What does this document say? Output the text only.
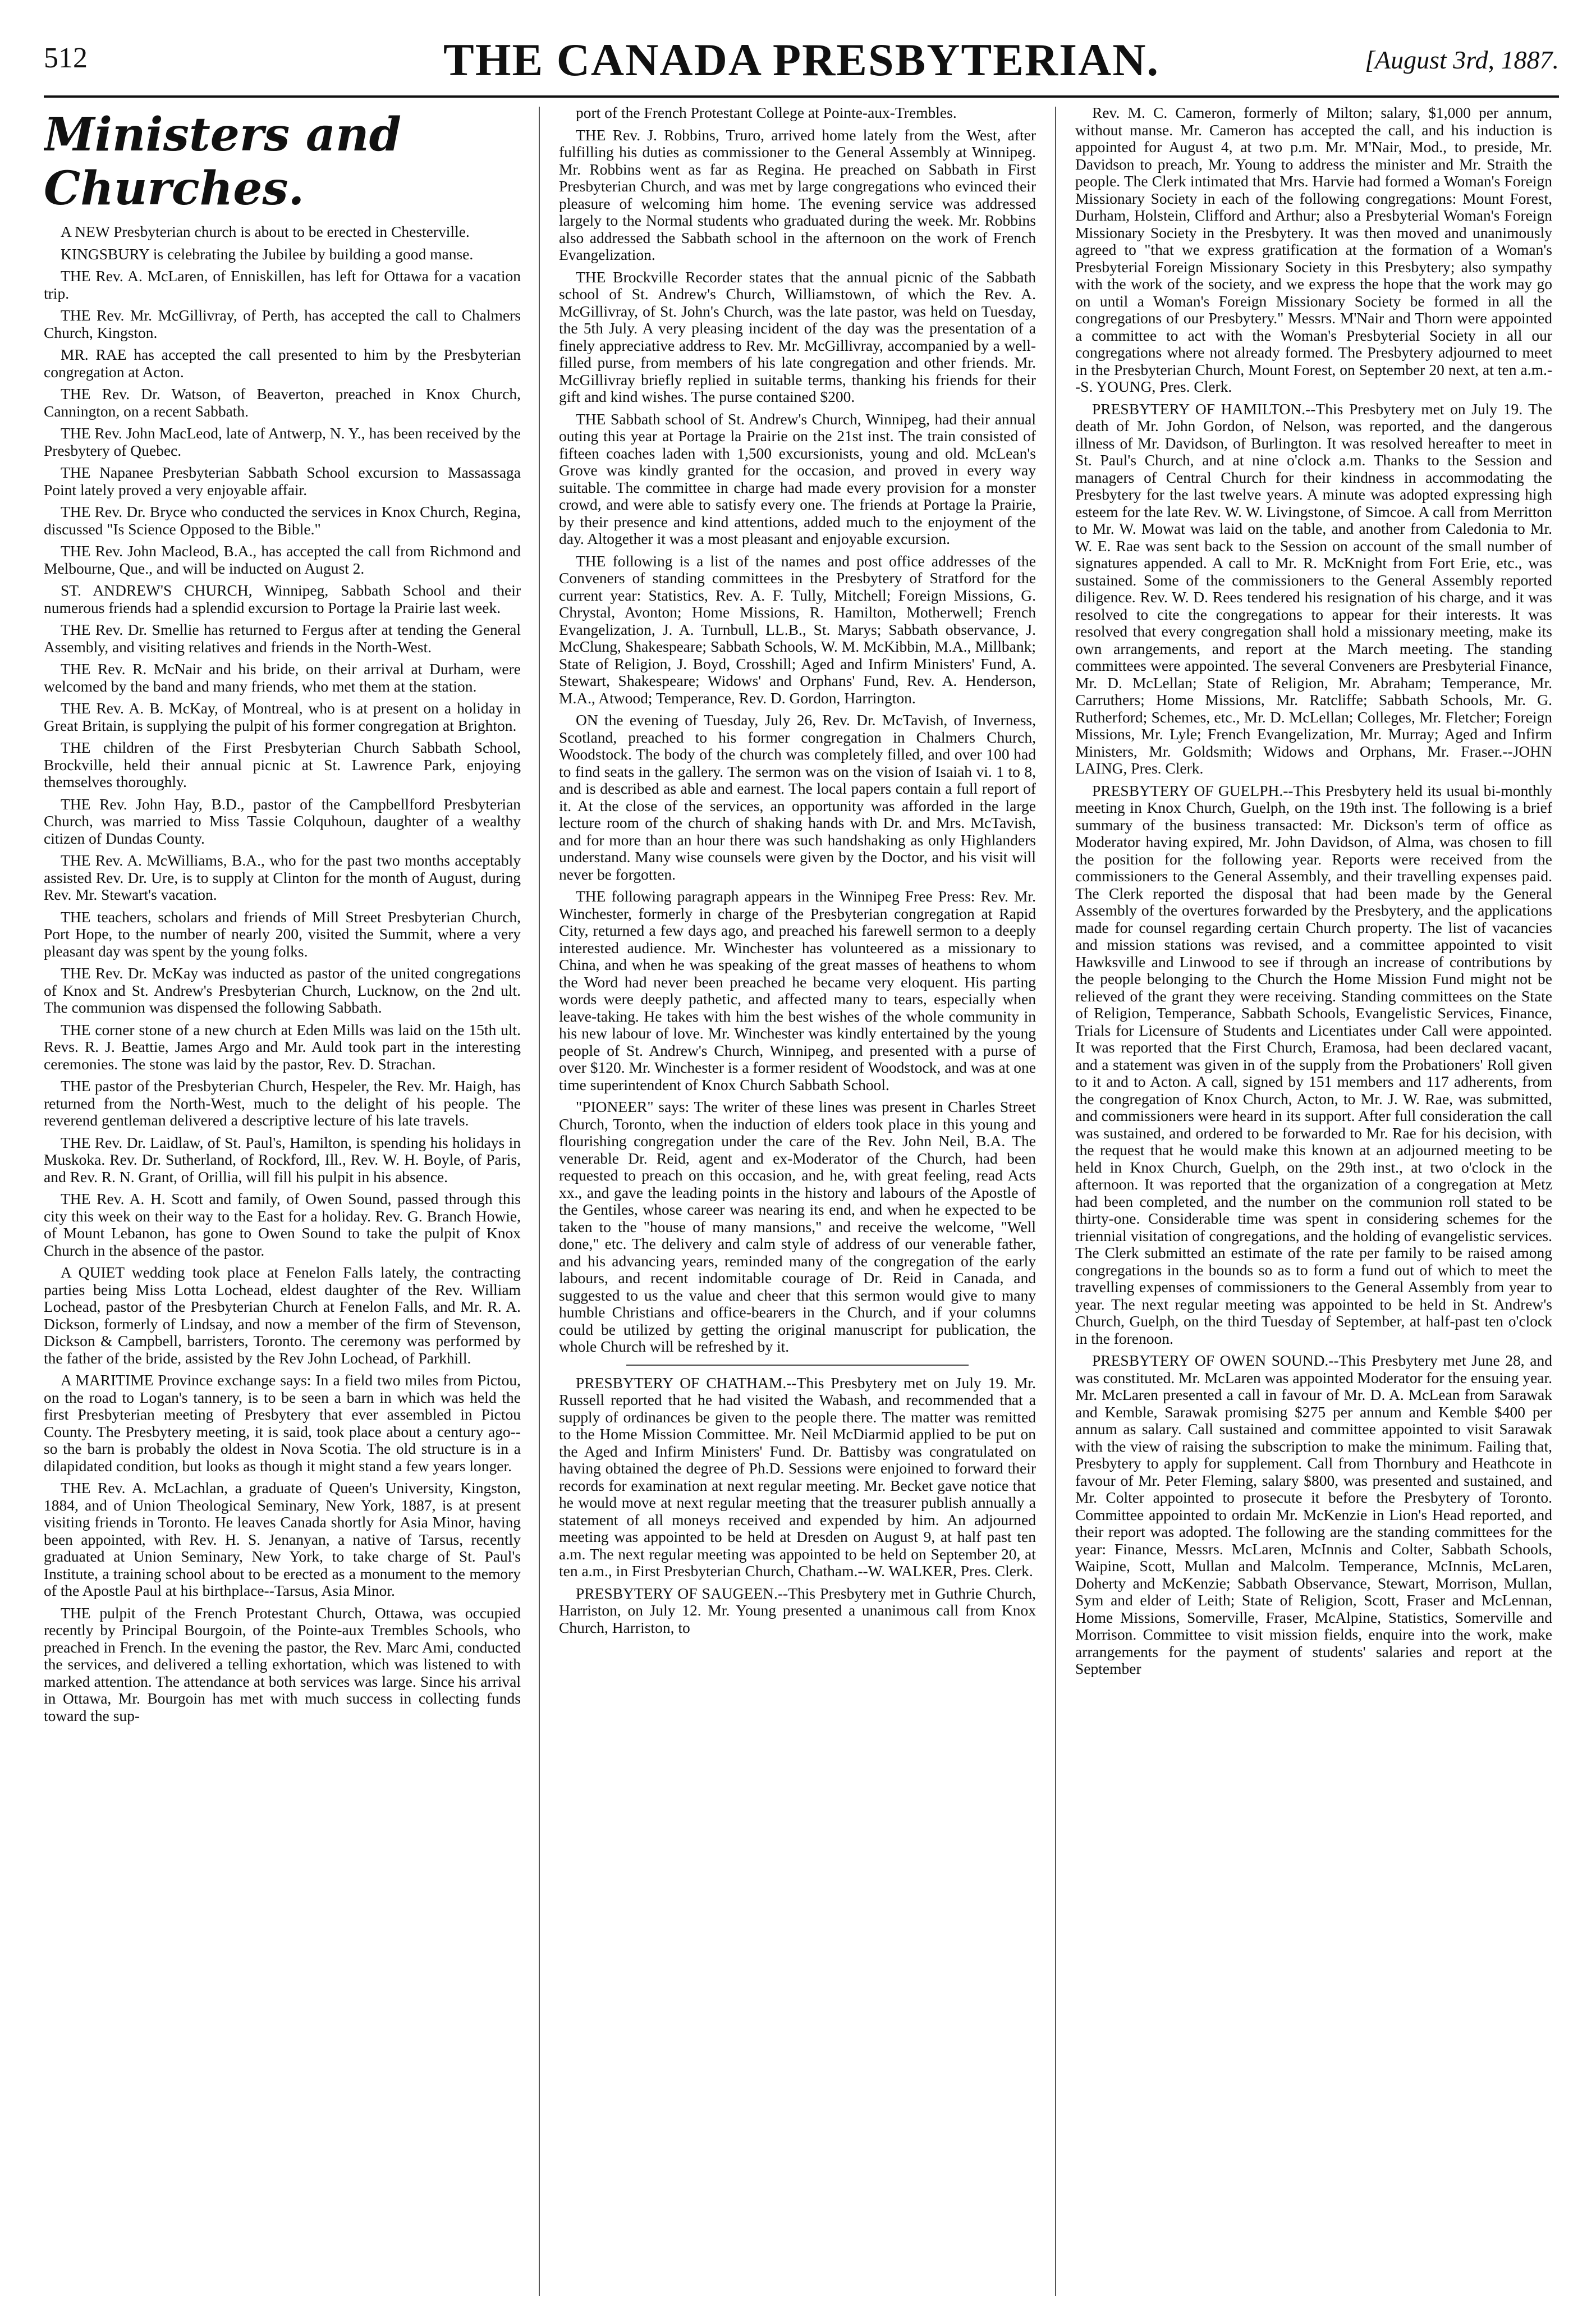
512	THE CANADA PRESBYTERIAN.	[August 3rd, 1887.
Ministers and Churches.

A NEW Presbyterian church is about to be erected in Chesterville.

KINGSBURY is celebrating the Jubilee by building a good manse.

THE Rev. A. McLaren, of Enniskillen, has left for Ottawa for a vacation trip.

THE Rev. Mr. McGillivray, of Perth, has accepted the call to Chalmers Church, Kingston.

MR. RAE has accepted the call presented to him by the Presbyterian congregation at Acton.

THE Rev. Dr. Watson, of Beaverton, preached in Knox Church, Cannington, on a recent Sabbath.

THE Rev. John MacLeod, late of Antwerp, N. Y., has been received by the Presbytery of Quebec.

THE Napanee Presbyterian Sabbath School excursion to Massassaga Point lately proved a very enjoyable affair.

THE Rev. Dr. Bryce who conducted the services in Knox Church, Regina, discussed "Is Science Opposed to the Bible."

THE Rev. John Macleod, B.A., has accepted the call from Richmond and Melbourne, Que., and will be inducted on August 2.

ST. ANDREW'S CHURCH, Winnipeg, Sabbath School and their numerous friends had a splendid excursion to Portage la Prairie last week.

THE Rev. Dr. Smellie has returned to Fergus after at tending the General Assembly, and visiting relatives and friends in the North-West.

THE Rev. R. McNair and his bride, on their arrival at Durham, were welcomed by the band and many friends, who met them at the station.

THE Rev. A. B. McKay, of Montreal, who is at present on a holiday in Great Britain, is supplying the pulpit of his former congregation at Brighton.

THE children of the First Presbyterian Church Sabbath School, Brockville, held their annual picnic at St. Lawrence Park, enjoying themselves thoroughly.

THE Rev. John Hay, B.D., pastor of the Campbellford Presbyterian Church, was married to Miss Tassie Colquhoun, daughter of a wealthy citizen of Dundas County.

THE Rev. A. McWilliams, B.A., who for the past two months acceptably assisted Rev. Dr. Ure, is to supply at Clinton for the month of August, during Rev. Mr. Stewart's vacation.

THE teachers, scholars and friends of Mill Street Presbyterian Church, Port Hope, to the number of nearly 200, visited the Summit, where a very pleasant day was spent by the young folks.

THE Rev. Dr. McKay was inducted as pastor of the united congregations of Knox and St. Andrew's Presbyterian Church, Lucknow, on the 2nd ult. The communion was dispensed the following Sabbath.

THE corner stone of a new church at Eden Mills was laid on the 15th ult. Revs. R. J. Beattie, James Argo and Mr. Auld took part in the interesting ceremonies. The stone was laid by the pastor, Rev. D. Strachan.

THE pastor of the Presbyterian Church, Hespeler, the Rev. Mr. Haigh, has returned from the North-West, much to the delight of his people. The reverend gentleman delivered a descriptive lecture of his late travels.

THE Rev. Dr. Laidlaw, of St. Paul's, Hamilton, is spending his holidays in Muskoka. Rev. Dr. Sutherland, of Rockford, Ill., Rev. W. H. Boyle, of Paris, and Rev. R. N. Grant, of Orillia, will fill his pulpit in his absence.

THE Rev. A. H. Scott and family, of Owen Sound, passed through this city this week on their way to the East for a holiday. Rev. G. Branch Howie, of Mount Lebanon, has gone to Owen Sound to take the pulpit of Knox Church in the absence of the pastor.

A QUIET wedding took place at Fenelon Falls lately, the contracting parties being Miss Lotta Lochead, eldest daughter of the Rev. William Lochead, pastor of the Presbyterian Church at Fenelon Falls, and Mr. R. A. Dickson, formerly of Lindsay, and now a member of the firm of Stevenson, Dickson & Campbell, barristers, Toronto. The ceremony was performed by the father of the bride, assisted by the Rev John Lochead, of Parkhill.

A MARITIME Province exchange says: In a field two miles from Pictou, on the road to Logan's tannery, is to be seen a barn in which was held the first Presbyterian meeting of Presbytery that ever assembled in Pictou County. The Presbytery meeting, it is said, took place about a century ago--so the barn is probably the oldest in Nova Scotia. The old structure is in a dilapidated condition, but looks as though it might stand a few years longer.

THE Rev. A. McLachlan, a graduate of Queen's University, Kingston, 1884, and of Union Theological Seminary, New York, 1887, is at present visiting friends in Toronto. He leaves Canada shortly for Asia Minor, having been appointed, with Rev. H. S. Jenanyan, a native of Tarsus, recently graduated at Union Seminary, New York, to take charge of St. Paul's Institute, a training school about to be erected as a monument to the memory of the Apostle Paul at his birthplace--Tarsus, Asia Minor.

THE pulpit of the French Protestant Church, Ottawa, was occupied recently by Principal Bourgoin, of the Pointe-aux Trembles Schools, who preached in French. In the evening the pastor, the Rev. Marc Ami, conducted the services, and delivered a telling exhortation, which was listened to with marked attention. The attendance at both services was large. Since his arrival in Ottawa, Mr. Bourgoin has met with much success in collecting funds toward the sup-

port of the French Protestant College at Pointe-aux-Trembles.

THE Rev. J. Robbins, Truro, arrived home lately from the West, after fulfilling his duties as commissioner to the General Assembly at Winnipeg. Mr. Robbins went as far as Regina. He preached on Sabbath in First Presbyterian Church, and was met by large congregations who evinced their pleasure of welcoming him home. The evening service was addressed largely to the Normal students who graduated during the week. Mr. Robbins also addressed the Sabbath school in the afternoon on the work of French Evangelization.

THE Brockville Recorder states that the annual picnic of the Sabbath school of St. Andrew's Church, Williamstown, of which the Rev. A. McGillivray, of St. John's Church, was the late pastor, was held on Tuesday, the 5th July. A very pleasing incident of the day was the presentation of a finely appreciative address to Rev. Mr. McGillivray, accompanied by a well-filled purse, from members of his late congregation and other friends. Mr. McGillivray briefly replied in suitable terms, thanking his friends for their gift and kind wishes. The purse contained $200.

THE Sabbath school of St. Andrew's Church, Winnipeg, had their annual outing this year at Portage la Prairie on the 21st inst. The train consisted of fifteen coaches laden with 1,500 excursionists, young and old. McLean's Grove was kindly granted for the occasion, and proved in every way suitable. The committee in charge had made every provision for a monster crowd, and were able to satisfy every one. The friends at Portage la Prairie, by their presence and kind attentions, added much to the enjoyment of the day. Altogether it was a most pleasant and enjoyable excursion.

THE following is a list of the names and post office addresses of the Conveners of standing committees in the Presbytery of Stratford for the current year: Statistics, Rev. A. F. Tully, Mitchell; Foreign Missions, G. Chrystal, Avonton; Home Missions, R. Hamilton, Motherwell; French Evangelization, J. A. Turnbull, LL.B., St. Marys; Sabbath observance, J. McClung, Shakespeare; Sabbath Schools, W. M. McKibbin, M.A., Millbank; State of Religion, J. Boyd, Crosshill; Aged and Infirm Ministers' Fund, A. Stewart, Shakespeare; Widows' and Orphans' Fund, Rev. A. Henderson, M.A., Atwood; Temperance, Rev. D. Gordon, Harrington.

ON the evening of Tuesday, July 26, Rev. Dr. McTavish, of Inverness, Scotland, preached to his former congregation in Chalmers Church, Woodstock. The body of the church was completely filled, and over 100 had to find seats in the gallery. The sermon was on the vision of Isaiah vi. 1 to 8, and is described as able and earnest. The local papers contain a full report of it. At the close of the services, an opportunity was afforded in the large lecture room of the church of shaking hands with Dr. and Mrs. McTavish, and for more than an hour there was such handshaking as only Highlanders understand. Many wise counsels were given by the Doctor, and his visit will never be forgotten.

THE following paragraph appears in the Winnipeg Free Press: Rev. Mr. Winchester, formerly in charge of the Presbyterian congregation at Rapid City, returned a few days ago, and preached his farewell sermon to a deeply interested audience. Mr. Winchester has volunteered as a missionary to China, and when he was speaking of the great masses of heathens to whom the Word had never been preached he became very eloquent. His parting words were deeply pathetic, and affected many to tears, especially when leave-taking. He takes with him the best wishes of the whole community in his new labour of love. Mr. Winchester was kindly entertained by the young people of St. Andrew's Church, Winnipeg, and presented with a purse of over $120. Mr. Winchester is a former resident of Woodstock, and was at one time superintendent of Knox Church Sabbath School.

"PIONEER" says: The writer of these lines was present in Charles Street Church, Toronto, when the induction of elders took place in this young and flourishing congregation under the care of the Rev. John Neil, B.A. The venerable Dr. Reid, agent and ex-Moderator of the Church, had been requested to preach on this occasion, and he, with great feeling, read Acts xx., and gave the leading points in the history and labours of the Apostle of the Gentiles, whose career was nearing its end, and when he expected to be taken to the "house of many mansions," and receive the welcome, "Well done," etc. The delivery and calm style of address of our venerable father, and his advancing years, reminded many of the congregation of the early labours, and recent indomitable courage of Dr. Reid in Canada, and suggested to us the value and cheer that this sermon would give to many humble Christians and office-bearers in the Church, and if your columns could be utilized by getting the original manuscript for publication, the whole Church will be refreshed by it.

PRESBYTERY OF CHATHAM.--This Presbytery met on July 19. Mr. Russell reported that he had visited the Wabash, and recommended that a supply of ordinances be given to the people there. The matter was remitted to the Home Mission Committee. Mr. Neil McDiarmid applied to be put on the Aged and Infirm Ministers' Fund. Dr. Battisby was congratulated on having obtained the degree of Ph.D. Sessions were enjoined to forward their records for examination at next regular meeting. Mr. Becket gave notice that he would move at next regular meeting that the treasurer publish annually a statement of all moneys received and expended by him. An adjourned meeting was appointed to be held at Dresden on August 9, at half past ten a.m. The next regular meeting was appointed to be held on September 20, at ten a.m., in First Presbyterian Church, Chatham.--W. WALKER, Pres. Clerk.

PRESBYTERY OF SAUGEEN.--This Presbytery met in Guthrie Church, Harriston, on July 12. Mr. Young presented a unanimous call from Knox Church, Harriston, to

Rev. M. C. Cameron, formerly of Milton; salary, $1,000 per annum, without manse. Mr. Cameron has accepted the call, and his induction is appointed for August 4, at two p.m. Mr. M'Nair, Mod., to preside, Mr. Davidson to preach, Mr. Young to address the minister and Mr. Straith the people. The Clerk intimated that Mrs. Harvie had formed a Woman's Foreign Missionary Society in each of the following congregations: Mount Forest, Durham, Holstein, Clifford and Arthur; also a Presbyterial Woman's Foreign Missionary Society in the Presbytery. It was then moved and unanimously agreed to "that we express gratification at the formation of a Woman's Presbyterial Foreign Missionary Society in this Presbytery; also sympathy with the work of the society, and we express the hope that the work may go on until a Woman's Foreign Missionary Society be formed in all the congregations of our Presbytery." Messrs. M'Nair and Thorn were appointed a committee to act with the Woman's Presbyterial Society in all our congregations where not already formed. The Presbytery adjourned to meet in the Presbyterian Church, Mount Forest, on September 20 next, at ten a.m.--S. YOUNG, Pres. Clerk.

PRESBYTERY OF HAMILTON.--This Presbytery met on July 19. The death of Mr. John Gordon, of Nelson, was reported, and the dangerous illness of Mr. Davidson, of Burlington. It was resolved hereafter to meet in St. Paul's Church, and at nine o'clock a.m. Thanks to the Session and managers of Central Church for their kindness in accommodating the Presbytery for the last twelve years. A minute was adopted expressing high esteem for the late Rev. W. W. Livingstone, of Simcoe. A call from Merritton to Mr. W. Mowat was laid on the table, and another from Caledonia to Mr. W. E. Rae was sent back to the Session on account of the small number of signatures appended. A call to Mr. R. McKnight from Fort Erie, etc., was sustained. Some of the commissioners to the General Assembly reported diligence. Rev. W. D. Rees tendered his resignation of his charge, and it was resolved to cite the congregations to appear for their interests. It was resolved that every congregation shall hold a missionary meeting, make its own arrangements, and report at the March meeting. The standing committees were appointed. The several Conveners are Presbyterial Finance, Mr. D. McLellan; State of Religion, Mr. Abraham; Temperance, Mr. Carruthers; Home Missions, Mr. Ratcliffe; Sabbath Schools, Mr. G. Rutherford; Schemes, etc., Mr. D. McLellan; Colleges, Mr. Fletcher; Foreign Missions, Mr. Lyle; French Evangelization, Mr. Murray; Aged and Infirm Ministers, Mr. Goldsmith; Widows and Orphans, Mr. Fraser.--JOHN LAING, Pres. Clerk.

PRESBYTERY OF GUELPH.--This Presbytery held its usual bi-monthly meeting in Knox Church, Guelph, on the 19th inst. The following is a brief summary of the business transacted: Mr. Dickson's term of office as Moderator having expired, Mr. John Davidson, of Alma, was chosen to fill the position for the following year. Reports were received from the commissioners to the General Assembly, and their travelling expenses paid. The Clerk reported the disposal that had been made by the General Assembly of the overtures forwarded by the Presbytery, and the applications made for counsel regarding certain Church property. The list of vacancies and mission stations was revised, and a committee appointed to visit Hawksville and Linwood to see if through an increase of contributions by the people belonging to the Church the Home Mission Fund might not be relieved of the grant they were receiving. Standing committees on the State of Religion, Temperance, Sabbath Schools, Evangelistic Services, Finance, Trials for Licensure of Students and Licentiates under Call were appointed. It was reported that the First Church, Eramosa, had been declared vacant, and a statement was given in of the supply from the Probationers' Roll given to it and to Acton. A call, signed by 151 members and 117 adherents, from the congregation of Knox Church, Acton, to Mr. J. W. Rae, was submitted, and commissioners were heard in its support. After full consideration the call was sustained, and ordered to be forwarded to Mr. Rae for his decision, with the request that he would make this known at an adjourned meeting to be held in Knox Church, Guelph, on the 29th inst., at two o'clock in the afternoon. It was reported that the organization of a congregation at Metz had been completed, and the number on the communion roll stated to be thirty-one. Considerable time was spent in considering schemes for the triennial visitation of congregations, and the holding of evangelistic services. The Clerk submitted an estimate of the rate per family to be raised among congregations in the bounds so as to form a fund out of which to meet the travelling expenses of commissioners to the General Assembly from year to year. The next regular meeting was appointed to be held in St. Andrew's Church, Guelph, on the third Tuesday of September, at half-past ten o'clock in the forenoon.

PRESBYTERY OF OWEN SOUND.--This Presbytery met June 28, and was constituted. Mr. McLaren was appointed Moderator for the ensuing year. Mr. McLaren presented a call in favour of Mr. D. A. McLean from Sarawak and Kemble, Sarawak promising $275 per annum and Kemble $400 per annum as salary. Call sustained and committee appointed to visit Sarawak with the view of raising the subscription to make the minimum. Failing that, Presbytery to apply for supplement. Call from Thornbury and Heathcote in favour of Mr. Peter Fleming, salary $800, was presented and sustained, and Mr. Colter appointed to prosecute it before the Presbytery of Toronto. Committee appointed to ordain Mr. McKenzie in Lion's Head reported, and their report was adopted. The following are the standing committees for the year: Finance, Messrs. McLaren, McInnis and Colter, Sabbath Schools, Waipine, Scott, Mullan and Malcolm. Temperance, McInnis, McLaren, Doherty and McKenzie; Sabbath Observance, Stewart, Morrison, Mullan, Sym and elder of Leith; State of Religion, Scott, Fraser and McLennan, Home Missions, Somerville, Fraser, McAlpine, Statistics, Somerville and Morrison. Committee to visit mission fields, enquire into the work, make arrangements for the payment of students' salaries and report at the September
